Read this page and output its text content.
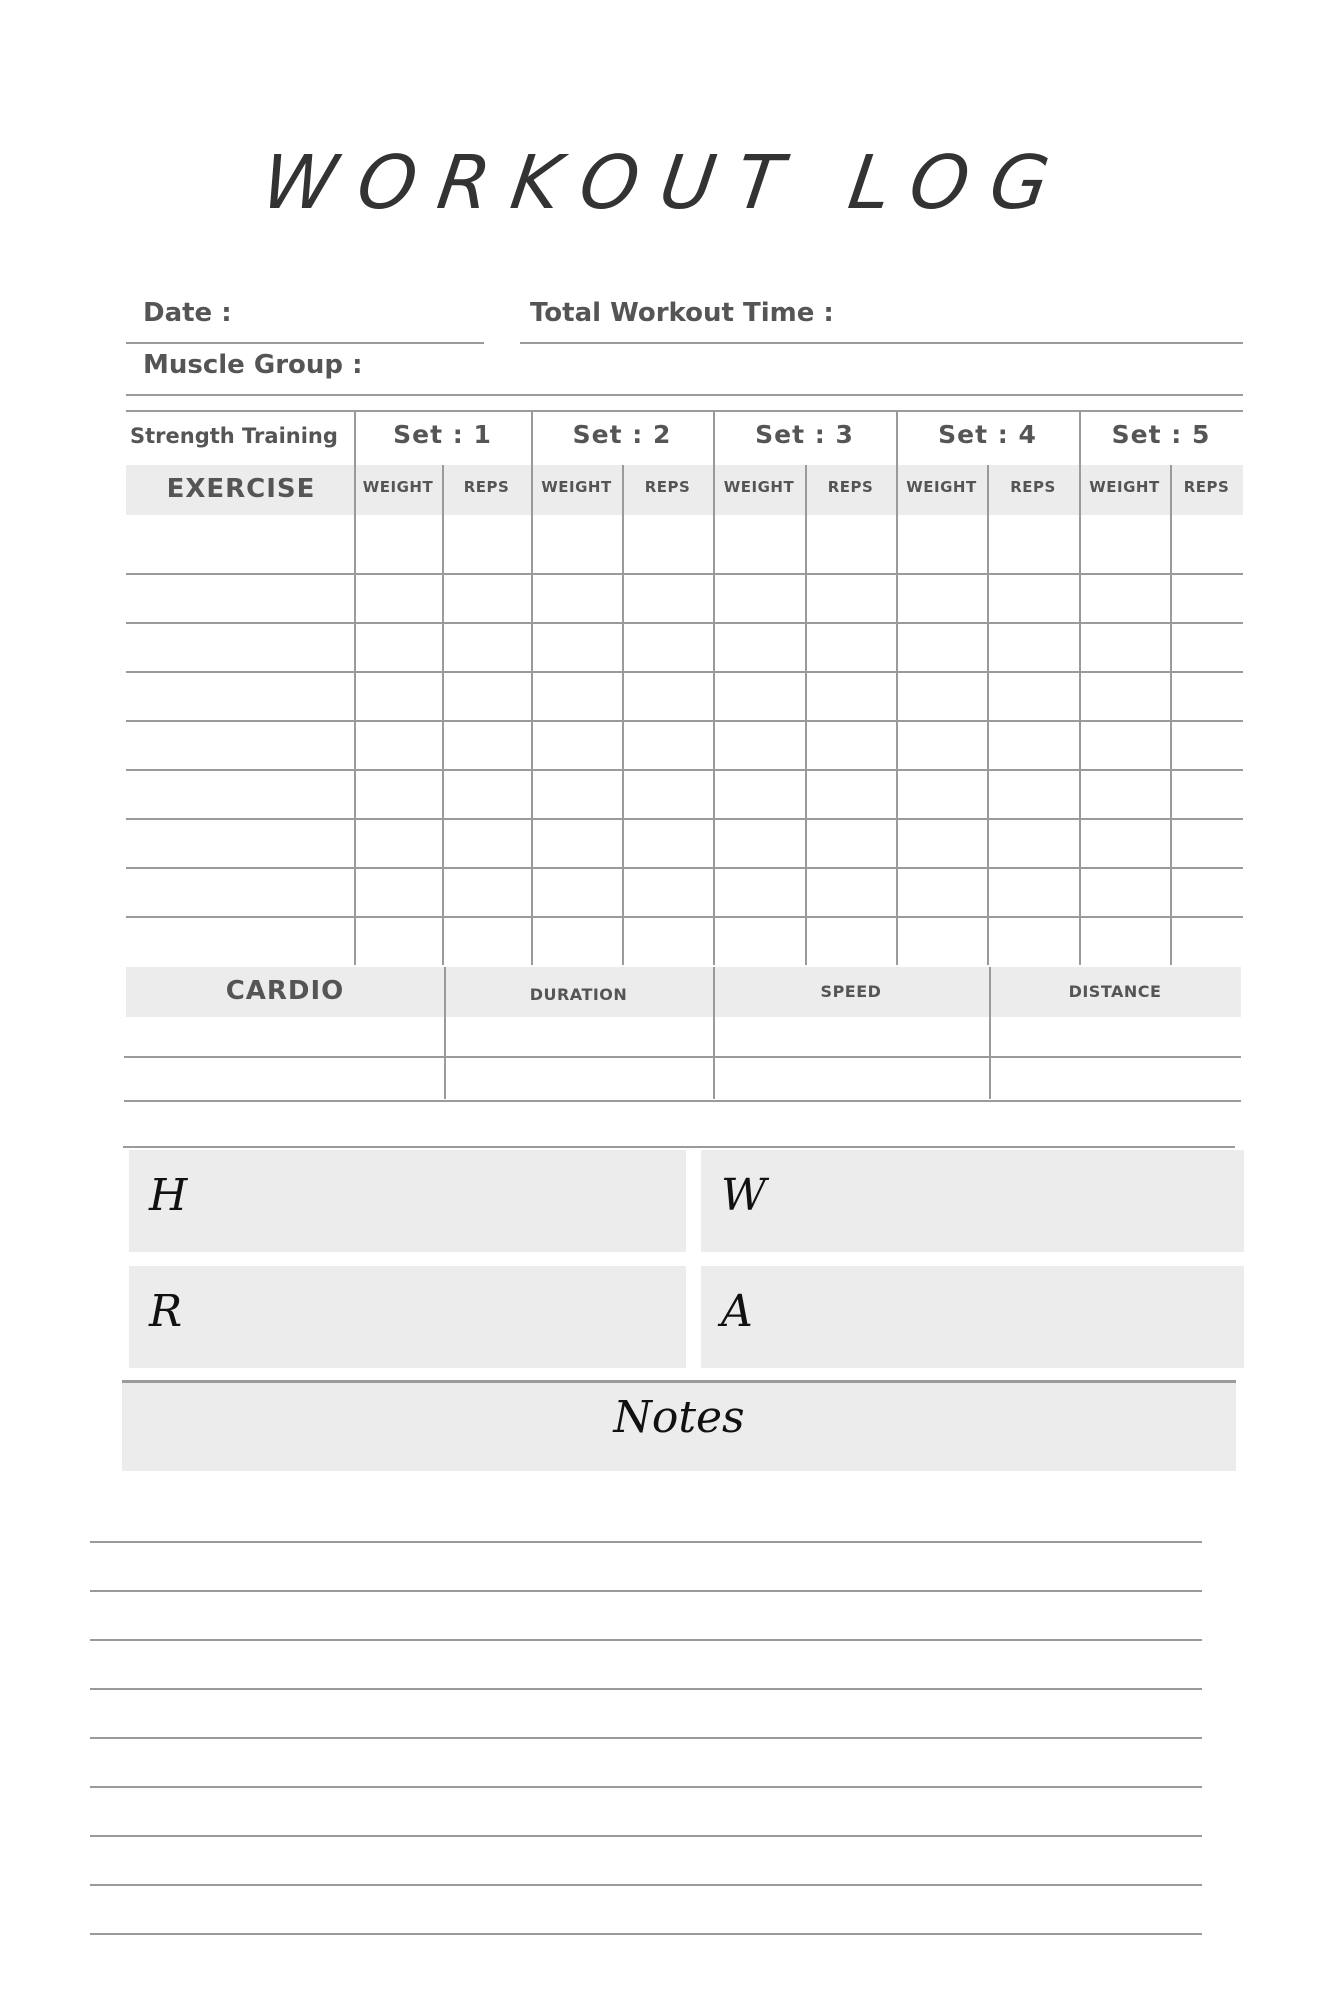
WORKOUT LOG
Date :	Total Workout Time :
Muscle Group :
Strength Training	Set : 1	Set : 2	Set : 3	Set : 4	Set : 5
EXERCISE	WEIGHT	REPS	WEIGHT	REPS	WEIGHT	REPS	WEIGHT	REPS	WEIGHT	REPS
CARDIO	DURATION	SPEED	DISTANCE
H	W
R	A
Notes
